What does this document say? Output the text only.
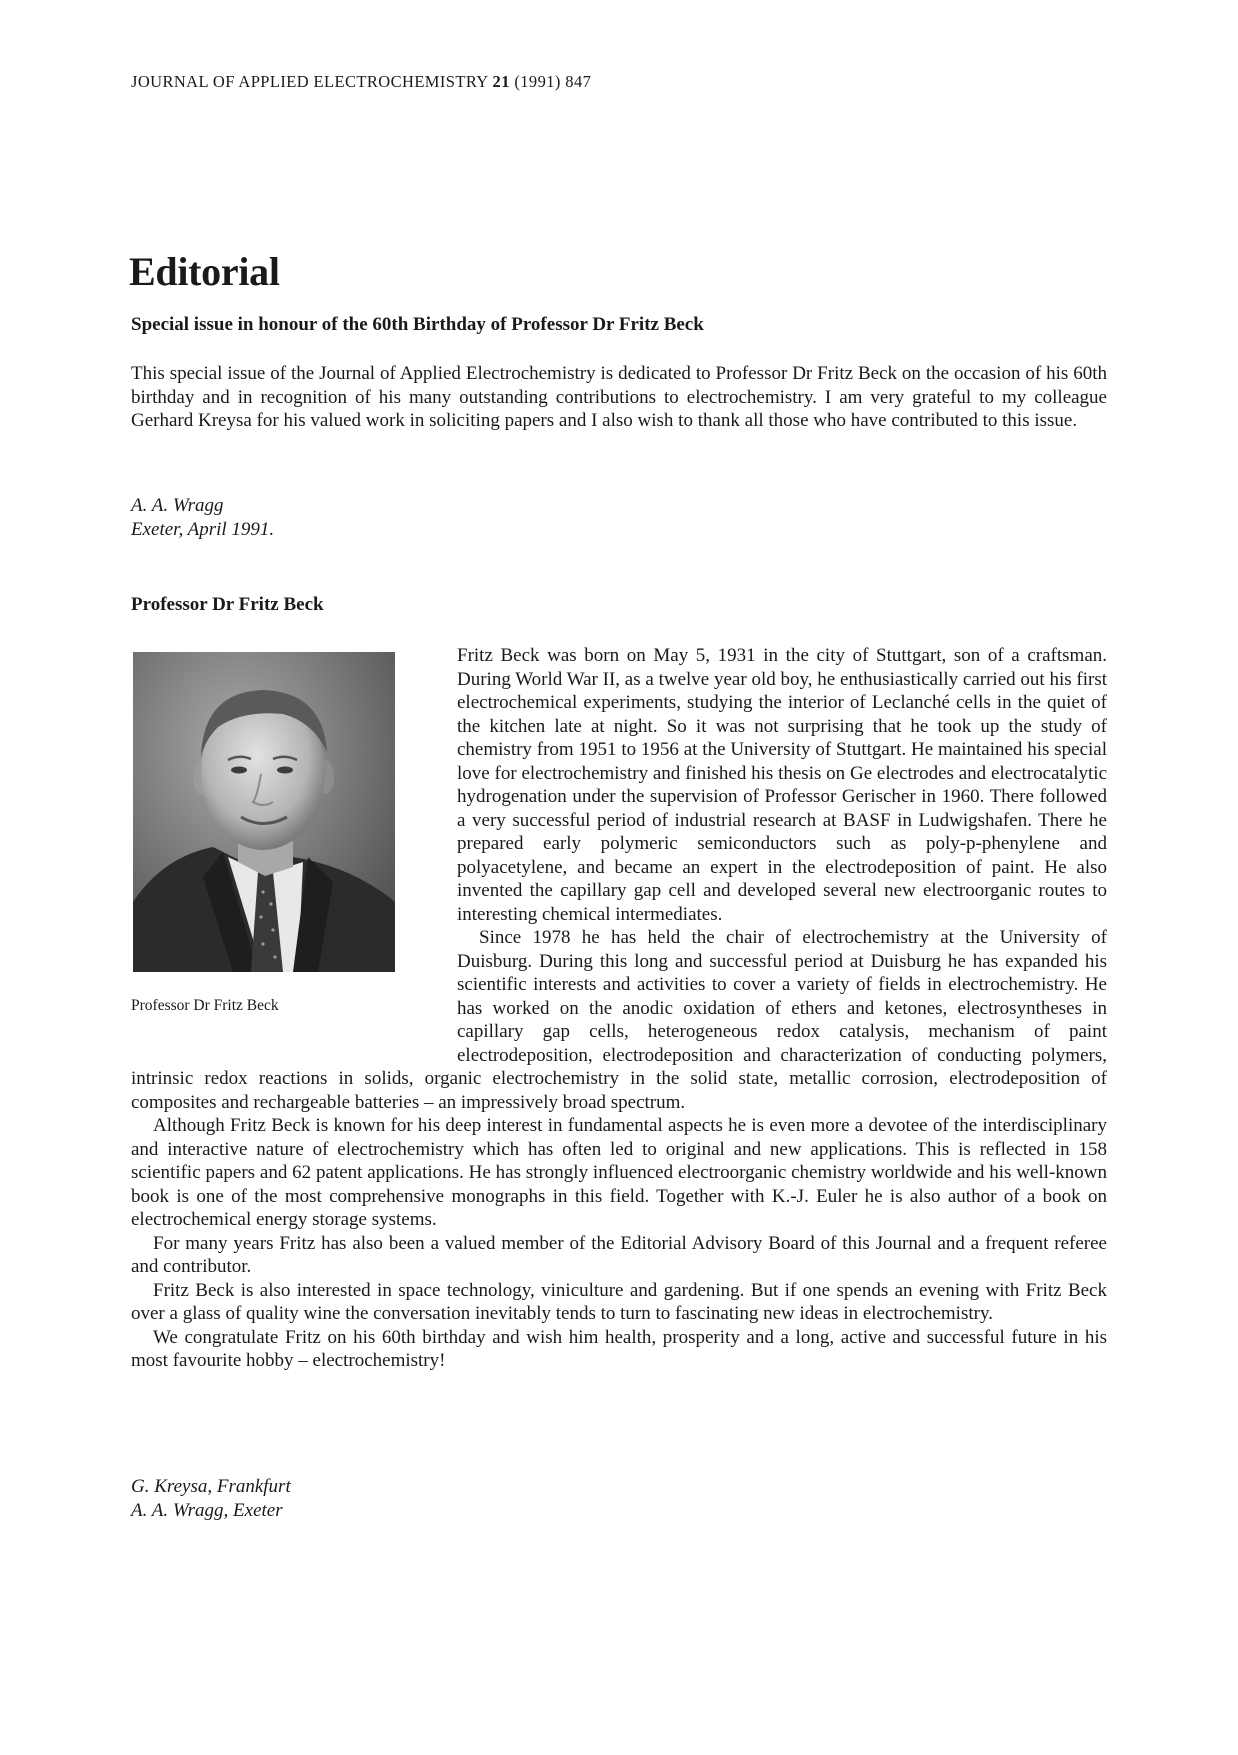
JOURNAL OF APPLIED ELECTROCHEMISTRY 21 (1991) 847
Editorial
Special issue in honour of the 60th Birthday of Professor Dr Fritz Beck

This special issue of the Journal of Applied Electrochemistry is dedicated to Professor Dr Fritz Beck on the occasion of his 60th birthday and in recognition of his many outstanding contributions to electrochemistry. I am very grateful to my colleague Gerhard Kreysa for his valued work in soliciting papers and I also wish to thank all those who have contributed to this issue.

A. A. Wragg
Exeter, April 1991.
Professor Dr Fritz Beck
Professor Dr Fritz Beck

Fritz Beck was born on May 5, 1931 in the city of Stuttgart, son of a craftsman. During World War II, as a twelve year old boy, he enthusiastically carried out his first electrochemical experiments, studying the interior of Leclanché cells in the quiet of the kitchen late at night. So it was not surprising that he took up the study of chemistry from 1951 to 1956 at the University of Stuttgart. He maintained his special love for electrochemistry and finished his thesis on Ge electrodes and electrocatalytic hydrogenation under the supervision of Professor Gerischer in 1960. There followed a very successful period of industrial research at BASF in Ludwigshafen. There he prepared early polymeric semiconductors such as poly-p-phenylene and polyacetylene, and became an expert in the electrodeposition of paint. He also invented the capillary gap cell and developed several new electroorganic routes to interesting chemical intermediates.

Since 1978 he has held the chair of electrochemistry at the University of Duisburg. During this long and successful period at Duisburg he has expanded his scientific interests and activities to cover a variety of fields in electrochemistry. He has worked on the anodic oxidation of ethers and ketones, electrosyntheses in capillary gap cells, heterogeneous redox catalysis, mechanism of paint electrodeposition, electrodeposition and characterization of conducting polymers, intrinsic redox reactions in solids, organic electrochemistry in the solid state, metallic corrosion, electrodeposition of composites and rechargeable batteries – an impressively broad spectrum.

Although Fritz Beck is known for his deep interest in fundamental aspects he is even more a devotee of the interdisciplinary and interactive nature of electrochemistry which has often led to original and new applications. This is reflected in 158 scientific papers and 62 patent applications. He has strongly influenced electroorganic chemistry worldwide and his well-known book is one of the most comprehensive monographs in this field. Together with K.-J. Euler he is also author of a book on electrochemical energy storage systems.

For many years Fritz has also been a valued member of the Editorial Advisory Board of this Journal and a frequent referee and contributor.

Fritz Beck is also interested in space technology, viniculture and gardening. But if one spends an evening with Fritz Beck over a glass of quality wine the conversation inevitably tends to turn to fascinating new ideas in electrochemistry.

We congratulate Fritz on his 60th birthday and wish him health, prosperity and a long, active and successful future in his most favourite hobby – electrochemistry!

G. Kreysa, Frankfurt
A. A. Wragg, Exeter
